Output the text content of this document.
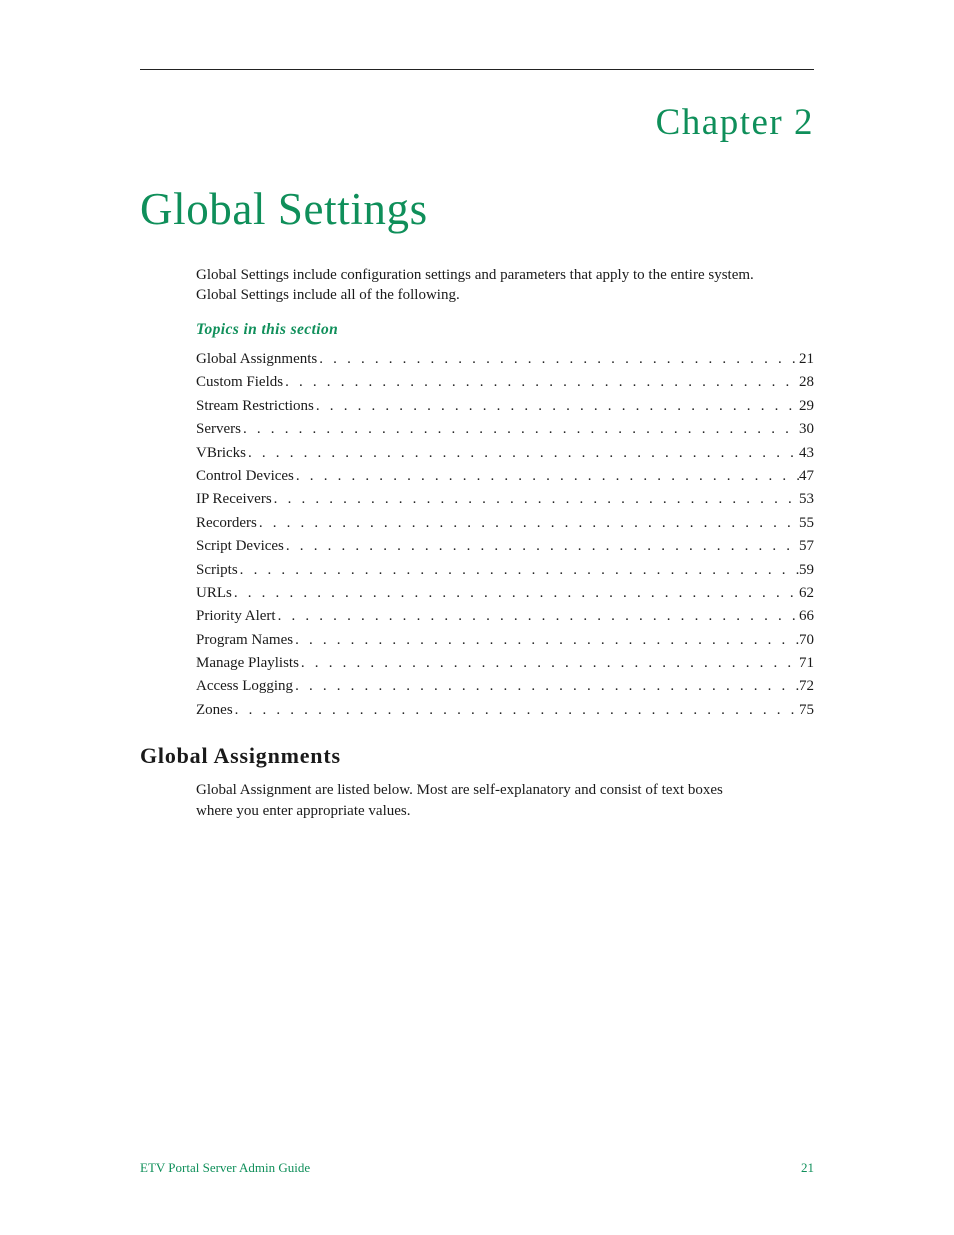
Chapter 2
Global Settings

Global Settings include configuration settings and parameters that apply to the entire system.

Global Settings include all of the following.

Topics in this section
Global Assignments . . .	21
Custom Fields . . .	28
Stream Restrictions . . .	29
Servers . . .	30
VBricks . . .	43
Control Devices . . .	47
IP Receivers . . .	53
Recorders . . .	55
Script Devices . . .	57
Scripts . . .	59
URLs . . .	62
Priority Alert . . .	66
Program Names . . .	70
Manage Playlists . . .	71
Access Logging . . .	72
Zones . . .	75
Global Assignments

Global Assignment are listed below. Most are self-explanatory and consist of text boxes

where you enter appropriate values.

ETV Portal Server Admin Guide	21
